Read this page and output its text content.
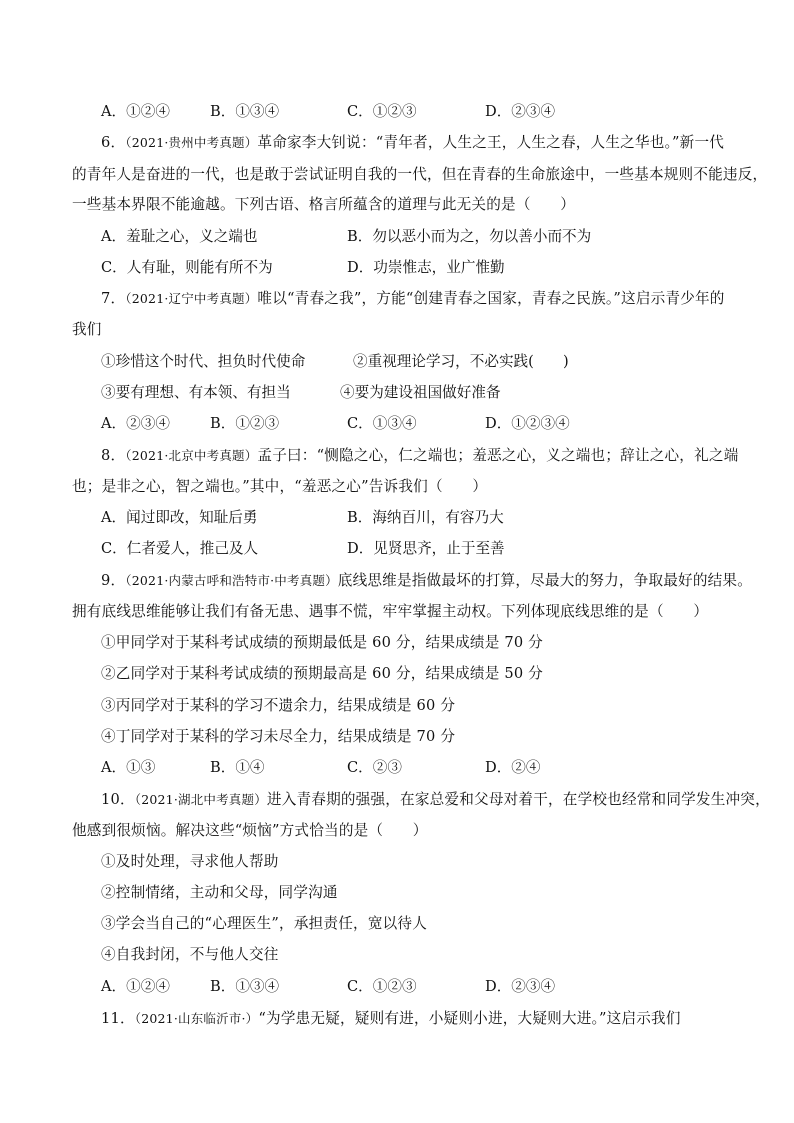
A．①②④	B．①③④	C．①②③	D．②③④
6．（2021·贵州中考真题）革命家李大钊说：“青年者，人生之王，人生之春，人生之华也。”新一代
的青年人是奋进的一代，也是敢于尝试证明自我的一代，但在青春的生命旅途中，一些基本规则不能违反，
一些基本界限不能逾越。下列古语、格言所蕴含的道理与此无关的是（　　）
A．羞耻之心，义之端也	B．勿以恶小而为之，勿以善小而不为
C．人有耻，则能有所不为	D．功崇惟志，业广惟勤
7．（2021·辽宁中考真题）唯以“青春之我”，方能“创建青春之国家，青春之民族。”这启示青少年的
我们
①珍惜这个时代、担负时代使命	②重视理论学习，不必实践(　　)
③要有理想、有本领、有担当	④要为建设祖国做好准备
A．②③④	B．①②③	C．①③④	D．①②③④
8．（2021·北京中考真题）孟子曰：“恻隐之心，仁之端也；羞恶之心，义之端也；辞让之心，礼之端
也；是非之心，智之端也。”其中，“羞恶之心”告诉我们（　　）
A．闻过即改，知耻后勇	B．海纳百川，有容乃大
C．仁者爱人，推己及人	D．见贤思齐，止于至善
9．（2021·内蒙古呼和浩特市·中考真题）底线思维是指做最坏的打算，尽最大的努力，争取最好的结果。
拥有底线思维能够让我们有备无患、遇事不慌，牢牢掌握主动权。下列体现底线思维的是（　　）
①甲同学对于某科考试成绩的预期最低是 60 分，结果成绩是 70 分
②乙同学对于某科考试成绩的预期最高是 60 分，结果成绩是 50 分
③丙同学对于某科的学习不遗余力，结果成绩是 60 分
④丁同学对于某科的学习未尽全力，结果成绩是 70 分
A．①③	B．①④	C．②③	D．②④
10．（2021·湖北中考真题）进入青春期的强强，在家总爱和父母对着干，在学校也经常和同学发生冲突，
他感到很烦恼。解决这些“烦恼”方式恰当的是（　　）
①及时处理，寻求他人帮助
②控制情绪，主动和父母，同学沟通
③学会当自己的“心理医生”，承担责任，宽以待人
④自我封闭，不与他人交往
A．①②④	B．①③④	C．①②③	D．②③④
11．（2021·山东临沂市·）“为学患无疑，疑则有进，小疑则小进，大疑则大进。”这启示我们
